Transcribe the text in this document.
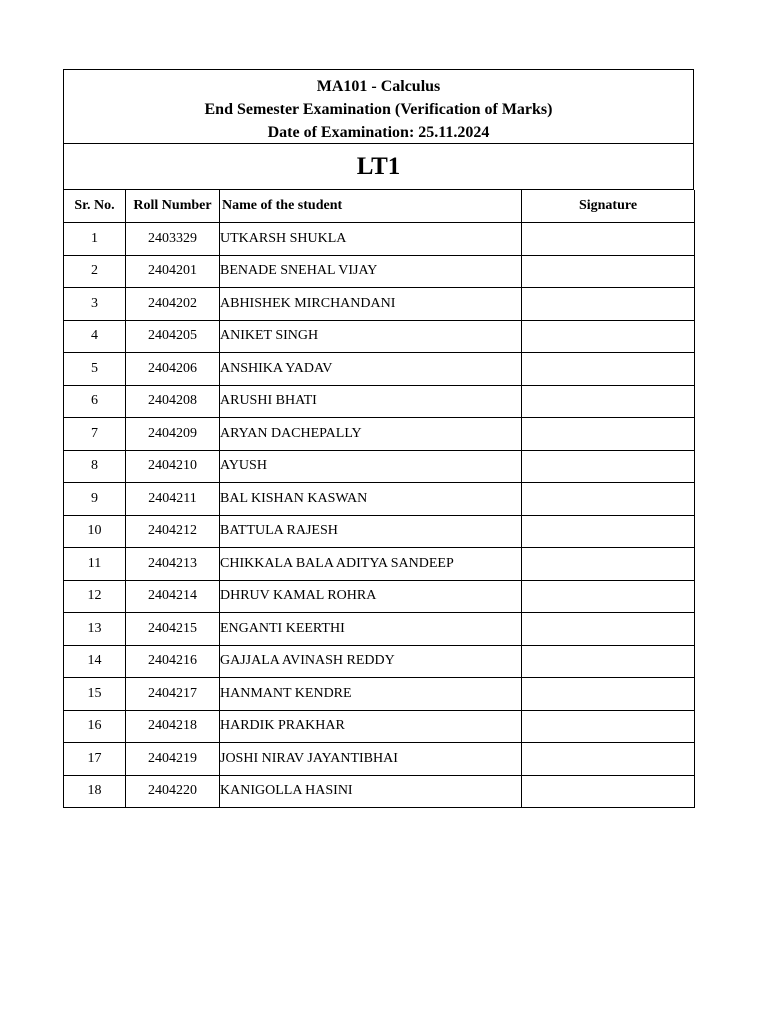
MA101 - Calculus
End Semester Examination (Verification of Marks)
Date of Examination: 25.11.2024
LT1
Sr. No.	Roll Number	Name of the student	Signature
1	2403329	UTKARSH SHUKLA	
2	2404201	BENADE SNEHAL VIJAY	
3	2404202	ABHISHEK MIRCHANDANI	
4	2404205	ANIKET SINGH	
5	2404206	ANSHIKA YADAV	
6	2404208	ARUSHI BHATI	
7	2404209	ARYAN DACHEPALLY	
8	2404210	AYUSH	
9	2404211	BAL KISHAN KASWAN	
10	2404212	BATTULA RAJESH	
11	2404213	CHIKKALA BALA ADITYA SANDEEP	
12	2404214	DHRUV KAMAL ROHRA	
13	2404215	ENGANTI KEERTHI	
14	2404216	GAJJALA AVINASH REDDY	
15	2404217	HANMANT KENDRE	
16	2404218	HARDIK PRAKHAR	
17	2404219	JOSHI NIRAV JAYANTIBHAI	
18	2404220	KANIGOLLA HASINI	
